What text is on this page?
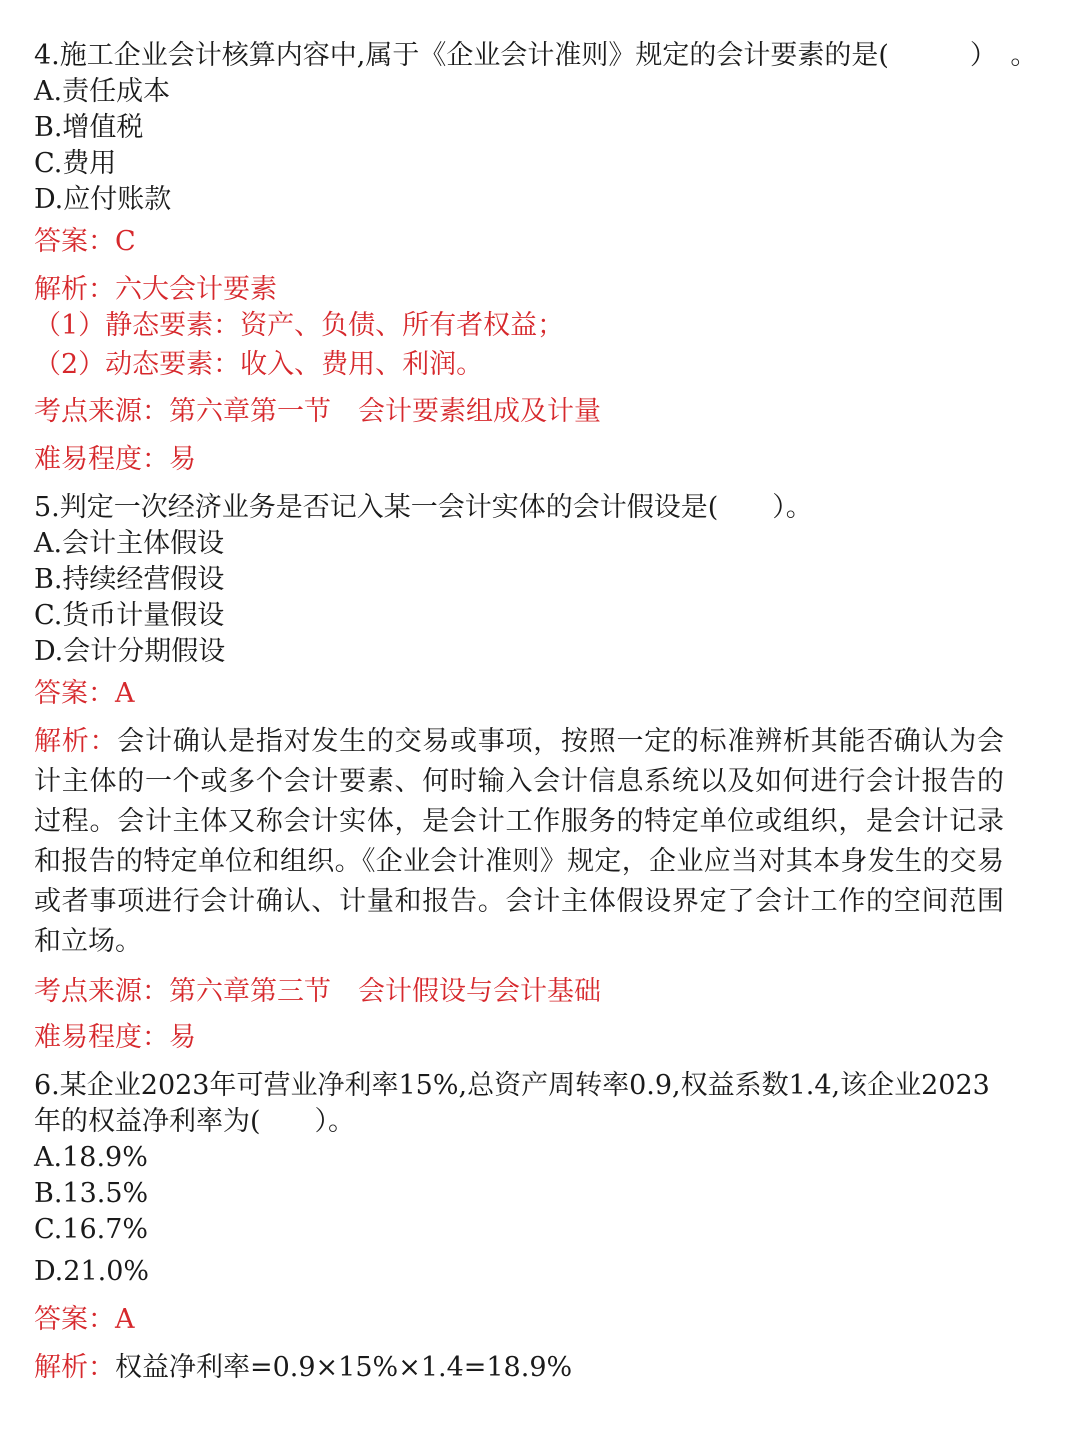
4.施工企业会计核算内容中,属于《企业会计准则》规定的会计要素的是(　　　）　。
A.责任成本
B.增值税
C.费用
D.应付账款
答案：C
解析：六大会计要素
（1）静态要素：资产、负债、所有者权益；
（2）动态要素：收入、费用、利润。
考点来源：第六章第一节　会计要素组成及计量
难易程度：易
5.判定一次经济业务是否记入某一会计实体的会计假设是(　　）。
A.会计主体假设
B.持续经营假设
C.货币计量假设
D.会计分期假设
答案：A
解析：会计确认是指对发生的交易或事项，按照一定的标准辨析其能否确认为会计主体的一个或多个会计要素、何时输入会计信息系统以及如何进行会计报告的过程。会计主体又称会计实体，是会计工作服务的特定单位或组织，是会计记录和报告的特定单位和组织。《企业会计准则》规定，企业应当对其本身发生的交易或者事项进行会计确认、计量和报告。会计主体假设界定了会计工作的空间范围和立场。
考点来源：第六章第三节　会计假设与会计基础
难易程度：易
6.某企业2023年可营业净利率15%,总资产周转率0.9,权益系数1.4,该企业2023
年的权益净利率为(　　）。
A.18.9%
B.13.5%
C.16.7%
D.21.0%
答案：A
解析：权益净利率=0.9×15%×1.4=18.9%
